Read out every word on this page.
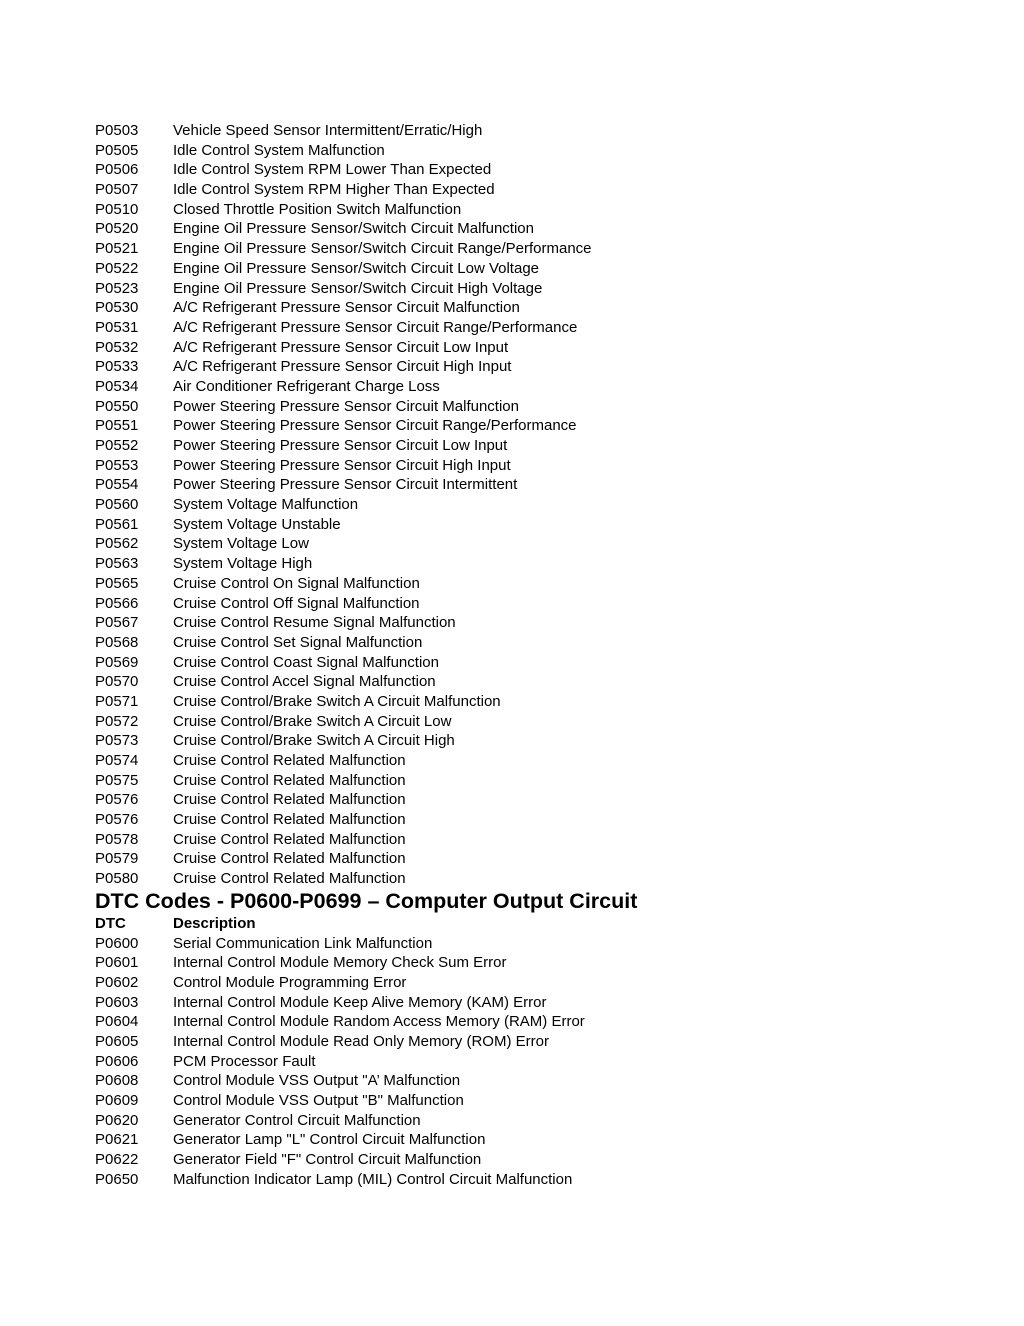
P0503	Vehicle Speed Sensor Intermittent/Erratic/High
P0505	Idle Control System Malfunction
P0506	Idle Control System RPM Lower Than Expected
P0507	Idle Control System RPM Higher Than Expected
P0510	Closed Throttle Position Switch Malfunction
P0520	Engine Oil Pressure Sensor/Switch Circuit Malfunction
P0521	Engine Oil Pressure Sensor/Switch Circuit Range/Performance
P0522	Engine Oil Pressure Sensor/Switch Circuit Low Voltage
P0523	Engine Oil Pressure Sensor/Switch Circuit High Voltage
P0530	A/C Refrigerant Pressure Sensor Circuit Malfunction
P0531	A/C Refrigerant Pressure Sensor Circuit Range/Performance
P0532	A/C Refrigerant Pressure Sensor Circuit Low Input
P0533	A/C Refrigerant Pressure Sensor Circuit High Input
P0534	Air Conditioner Refrigerant Charge Loss
P0550	Power Steering Pressure Sensor Circuit Malfunction
P0551	Power Steering Pressure Sensor Circuit Range/Performance
P0552	Power Steering Pressure Sensor Circuit Low Input
P0553	Power Steering Pressure Sensor Circuit High Input
P0554	Power Steering Pressure Sensor Circuit Intermittent
P0560	System Voltage Malfunction
P0561	System Voltage Unstable
P0562	System Voltage Low
P0563	System Voltage High
P0565	Cruise Control On Signal Malfunction
P0566	Cruise Control Off Signal Malfunction
P0567	Cruise Control Resume Signal Malfunction
P0568	Cruise Control Set Signal Malfunction
P0569	Cruise Control Coast Signal Malfunction
P0570	Cruise Control Accel Signal Malfunction
P0571	Cruise Control/Brake Switch A Circuit Malfunction
P0572	Cruise Control/Brake Switch A Circuit Low
P0573	Cruise Control/Brake Switch A Circuit High
P0574	Cruise Control Related Malfunction
P0575	Cruise Control Related Malfunction
P0576	Cruise Control Related Malfunction
P0576	Cruise Control Related Malfunction
P0578	Cruise Control Related Malfunction
P0579	Cruise Control Related Malfunction
P0580	Cruise Control Related Malfunction
DTC Codes - P0600-P0699 – Computer Output Circuit
DTC	Description
P0600	Serial Communication Link Malfunction
P0601	Internal Control Module Memory Check Sum Error
P0602	Control Module Programming Error
P0603	Internal Control Module Keep Alive Memory (KAM) Error
P0604	Internal Control Module Random Access Memory (RAM) Error
P0605	Internal Control Module Read Only Memory (ROM) Error
P0606	PCM Processor Fault
P0608	Control Module VSS Output "A’ Malfunction
P0609	Control Module VSS Output "B" Malfunction
P0620	Generator Control Circuit Malfunction
P0621	Generator Lamp "L" Control Circuit Malfunction
P0622	Generator Field "F" Control Circuit Malfunction
P0650	Malfunction Indicator Lamp (MIL) Control Circuit Malfunction
